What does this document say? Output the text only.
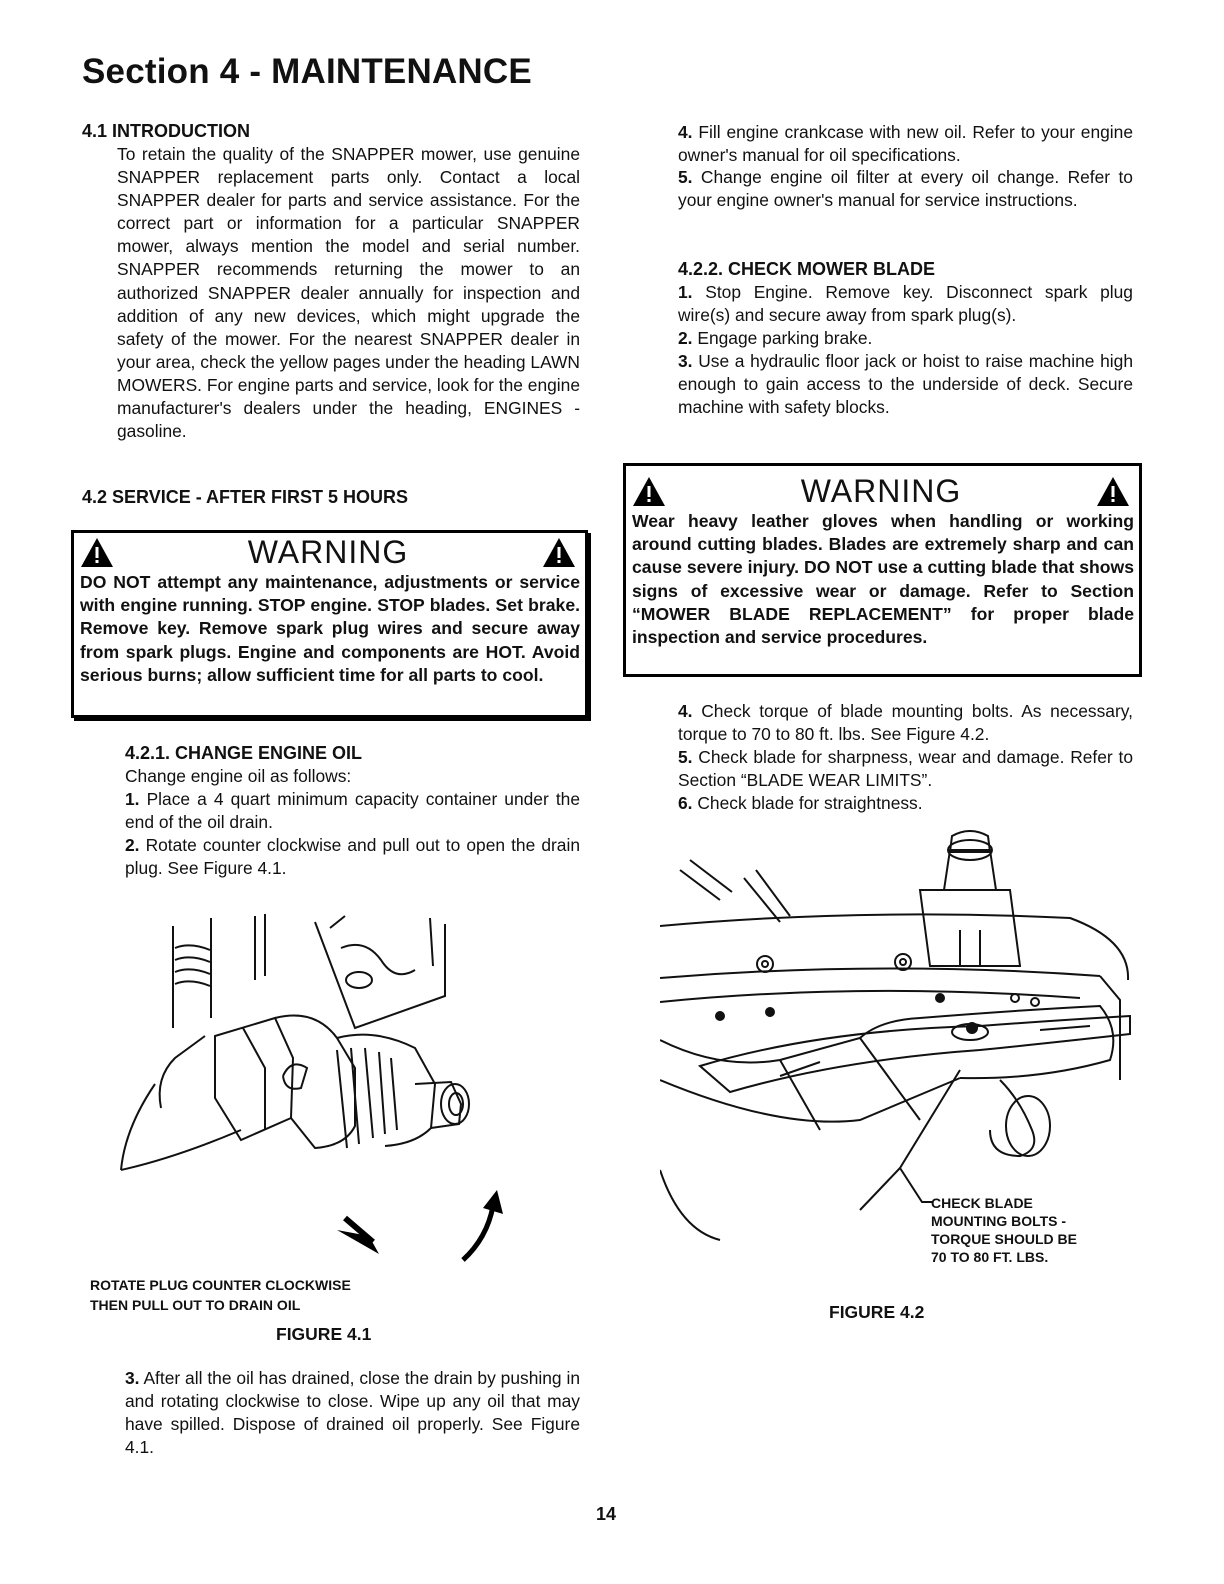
Section 4 - MAINTENANCE

4.1 INTRODUCTION

To retain the quality of the SNAPPER mower, use genuine SNAPPER replacement parts only. Contact a local SNAPPER dealer for parts and service assistance. For the correct part or information for a particular SNAPPER mower, always mention the model and serial number. SNAPPER recommends returning the mower to an authorized SNAPPER dealer annually for inspection and addition of any new devices, which might upgrade the safety of the mower. For the nearest SNAPPER dealer in your area, check the yellow pages under the heading LAWN MOWERS. For engine parts and service, look for the engine manufacturer's dealers under the heading, ENGINES - gasoline.

4.2 SERVICE - AFTER FIRST 5 HOURS

WARNING
DO NOT attempt any maintenance, adjustments or service with engine running. STOP engine. STOP blades. Set brake. Remove key. Remove spark plug wires and secure away from spark plugs. Engine and components are HOT. Avoid serious burns; allow sufficient time for all parts to cool.

4.2.1. CHANGE ENGINE OIL

Change engine oil as follows:

1. Place a 4 quart minimum capacity container under the end of the oil drain.

2. Rotate counter clockwise and pull out to open the drain plug. See Figure 4.1.

ROTATE PLUG COUNTER CLOCKWISE

THEN PULL OUT TO DRAIN OIL

FIGURE 4.1

3. After all the oil has drained, close the drain by pushing in and rotating clockwise to close. Wipe up any oil that may have spilled. Dispose of drained oil properly. See Figure 4.1.

4. Fill engine crankcase with new oil. Refer to your engine owner's manual for oil specifications.

5. Change engine oil filter at every oil change. Refer to your engine owner's manual for service instructions.

4.2.2. CHECK MOWER BLADE

1. Stop Engine. Remove key. Disconnect spark plug wire(s) and secure away from spark plug(s).

2. Engage parking brake.

3. Use a hydraulic floor jack or hoist to raise machine high enough to gain access to the underside of deck. Secure machine with safety blocks.

WARNING
Wear heavy leather gloves when handling or working around cutting blades. Blades are extremely sharp and can cause severe injury. DO NOT use a cutting blade that shows signs of excessive wear or damage. Refer to Section “MOWER BLADE REPLACEMENT” for proper blade inspection and service procedures.

4. Check torque of blade mounting bolts. As necessary, torque to 70 to 80 ft. lbs. See Figure 4.2.

5. Check blade for sharpness, wear and damage. Refer to Section “BLADE WEAR LIMITS”.

6. Check blade for straightness.

CHECK BLADE

MOUNTING BOLTS -

TORQUE SHOULD BE

70 TO 80 FT. LBS.

FIGURE 4.2

14
